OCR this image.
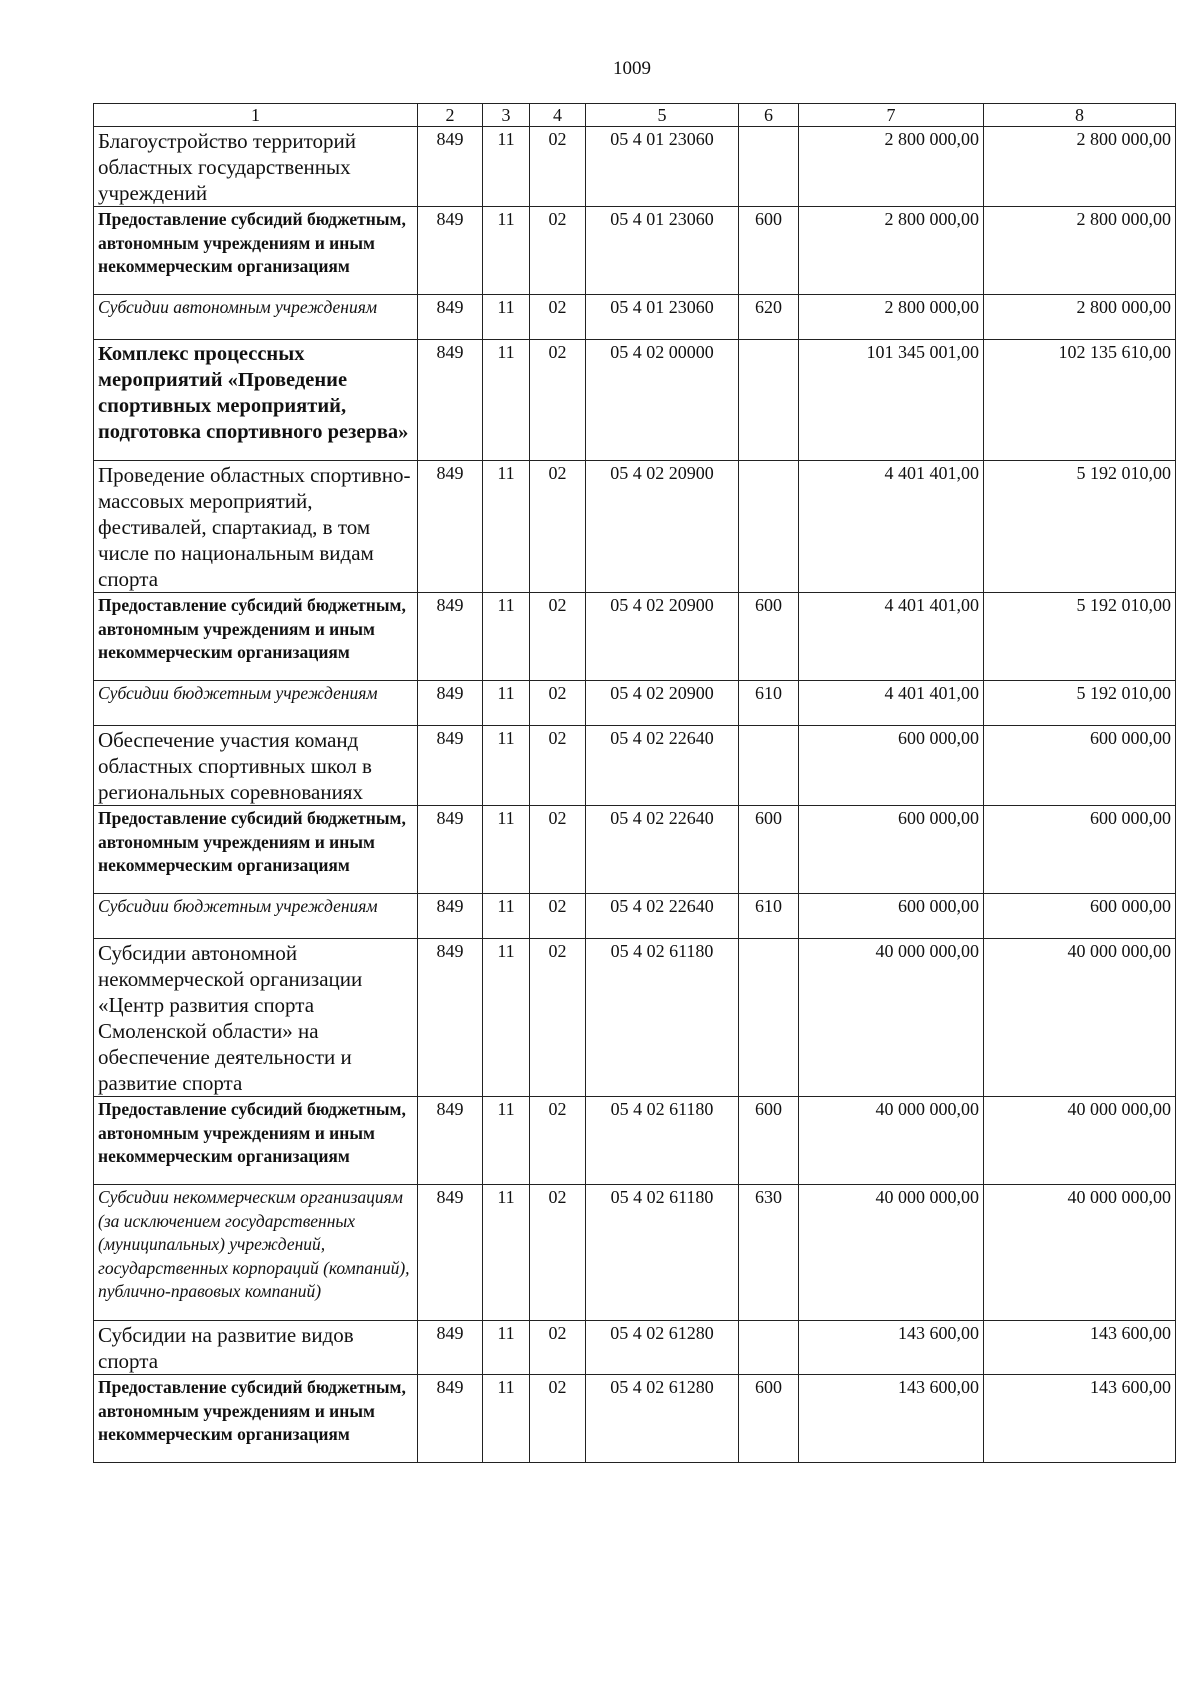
1009
1	2	3	4	5	6	7	8
Благоустройство территорий областных государственных учреждений	849	11	02	05 4 01 23060		2 800 000,00	2 800 000,00
Предоставление субсидий бюджетным, автономным учреждениям и иным некоммерческим организациям	849	11	02	05 4 01 23060	600	2 800 000,00	2 800 000,00
Субсидии автономным учреждениям	849	11	02	05 4 01 23060	620	2 800 000,00	2 800 000,00
Комплекс процессных мероприятий «Проведение спортивных мероприятий, подготовка спортивного резерва»	849	11	02	05 4 02 00000		101 345 001,00	102 135 610,00
Проведение областных спортивно-массовых мероприятий, фестивалей, спартакиад, в том числе по национальным видам спорта	849	11	02	05 4 02 20900		4 401 401,00	5 192 010,00
Предоставление субсидий бюджетным, автономным учреждениям и иным некоммерческим организациям	849	11	02	05 4 02 20900	600	4 401 401,00	5 192 010,00
Субсидии бюджетным учреждениям	849	11	02	05 4 02 20900	610	4 401 401,00	5 192 010,00
Обеспечение участия команд областных спортивных школ в региональных соревнованиях	849	11	02	05 4 02 22640		600 000,00	600 000,00
Предоставление субсидий бюджетным, автономным учреждениям и иным некоммерческим организациям	849	11	02	05 4 02 22640	600	600 000,00	600 000,00
Субсидии бюджетным учреждениям	849	11	02	05 4 02 22640	610	600 000,00	600 000,00
Субсидии автономной некоммерческой организации «Центр развития спорта Смоленской области» на обеспечение деятельности и развитие спорта	849	11	02	05 4 02 61180		40 000 000,00	40 000 000,00
Предоставление субсидий бюджетным, автономным учреждениям и иным некоммерческим организациям	849	11	02	05 4 02 61180	600	40 000 000,00	40 000 000,00
Субсидии некоммерческим организациям (за исключением государственных (муниципальных) учреждений, государственных корпораций (компаний), публично-правовых компаний)	849	11	02	05 4 02 61180	630	40 000 000,00	40 000 000,00
Субсидии на развитие видов спорта	849	11	02	05 4 02 61280		143 600,00	143 600,00
Предоставление субсидий бюджетным, автономным учреждениям и иным некоммерческим организациям	849	11	02	05 4 02 61280	600	143 600,00	143 600,00
